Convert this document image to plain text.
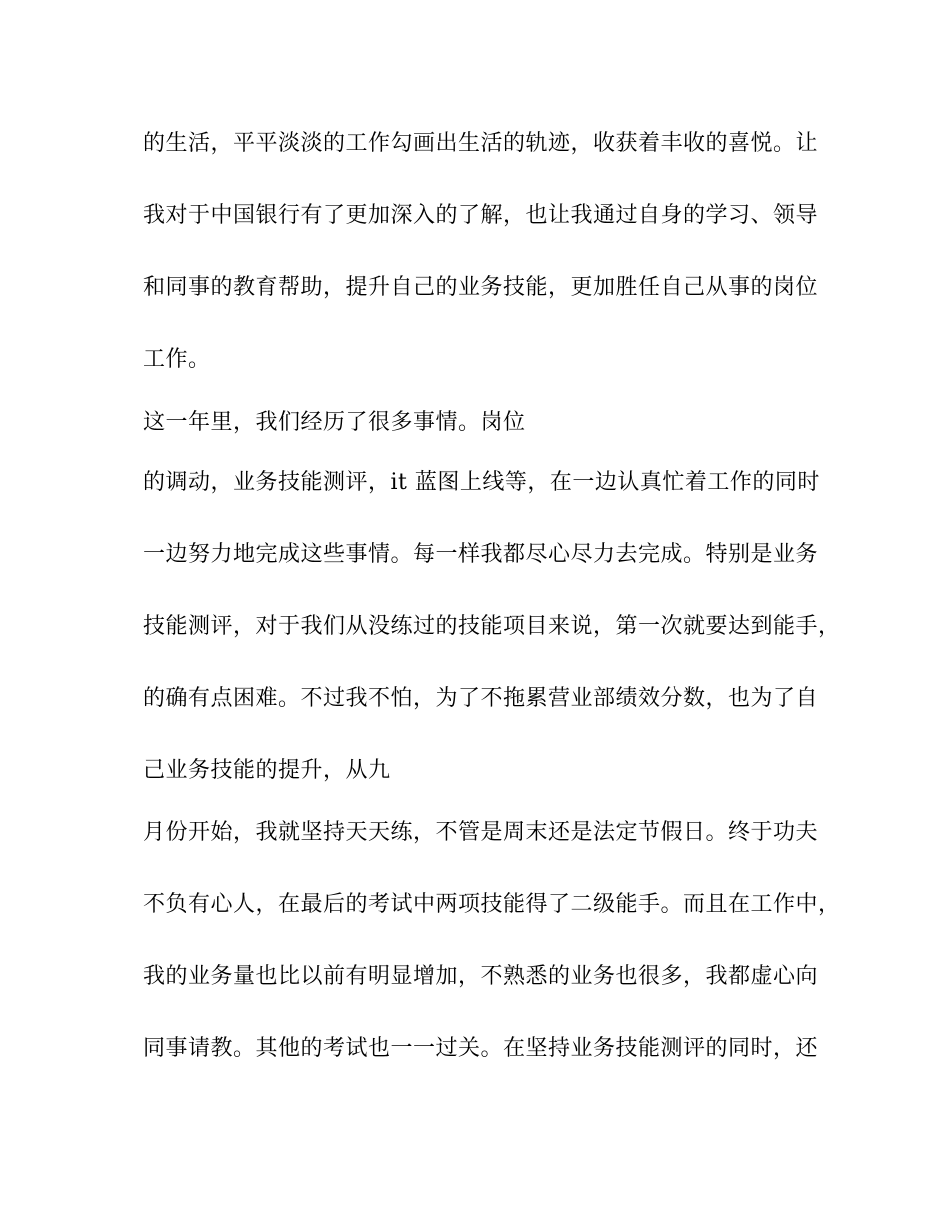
的生活，平平淡淡的工作勾画出生活的轨迹，收获着丰收的喜悦。让
我对于中国银行有了更加深入的了解，也让我通过自身的学习、领导
和同事的教育帮助，提升自己的业务技能，更加胜任自己从事的岗位
工作。
这一年里，我们经历了很多事情。岗位
的调动，业务技能测评，it 蓝图上线等，在一边认真忙着工作的同时
一边努力地完成这些事情。每一样我都尽心尽力去完成。特别是业务
技能测评，对于我们从没练过的技能项目来说，第一次就要达到能手，
的确有点困难。不过我不怕，为了不拖累营业部绩效分数，也为了自
己业务技能的提升，从九
月份开始，我就坚持天天练，不管是周末还是法定节假日。终于功夫
不负有心人，在最后的考试中两项技能得了二级能手。而且在工作中，
我的业务量也比以前有明显增加，不熟悉的业务也很多，我都虚心向
同事请教。其他的考试也一一过关。在坚持业务技能测评的同时，还
